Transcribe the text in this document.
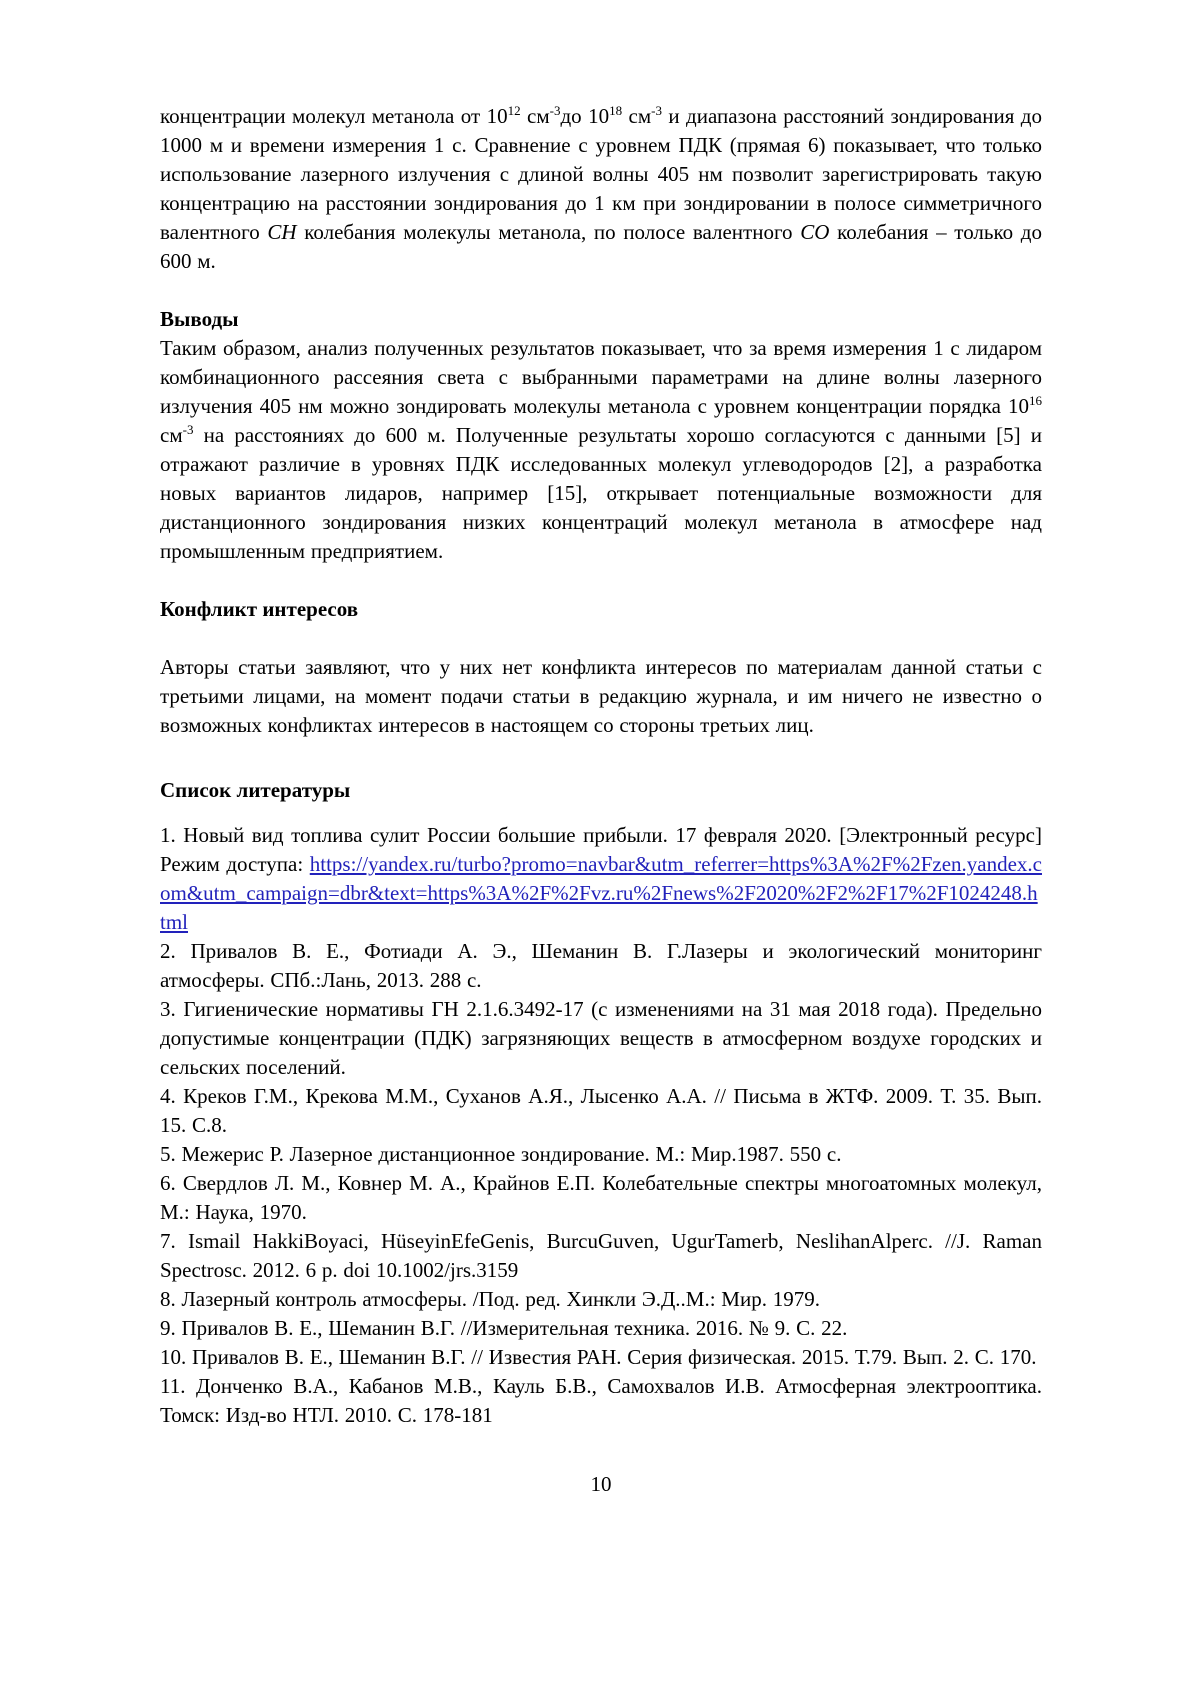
концентрации молекул метанола от $10^{12}$ $см^{-3}до$ $10^{18}$ $см^{-3}$ и диапазона расстояний зондирования до 1000 м и времени измерения 1 с. Сравнение с уровнем ПДК (прямая 6) показывает, что только использование лазерного излучения с длиной волны 405 нм позволит зарегистрировать такую концентрацию на расстоянии зондирования до 1 км при зондировании в полосе симметричного валентного CH колебания молекулы метанола, по полосе валентного CO колебания – только до 600 м.

Выводы

Таким образом, анализ полученных результатов показывает, что за время измерения 1 с лидаром комбинационного рассеяния света с выбранными параметрами на длине волны лазерного излучения 405 нм можно зондировать молекулы метанола с уровнем концентрации порядка $10^{16}$ $см^{-3}$ на расстояниях до 600 м. Полученные результаты хорошо согласуются с данными [5] и отражают различие в уровнях ПДК исследованных молекул углеводородов [2], а разработка новых вариантов лидаров, например [15], открывает потенциальные возможности для дистанционного зондирования низких концентраций молекул метанола в атмосфере над промышленным предприятием.

Конфликт интересов

Авторы статьи заявляют, что у них нет конфликта интересов по материалам данной статьи с третьими лицами, на момент подачи статьи в редакцию журнала, и им ничего не известно о возможных конфликтах интересов в настоящем со стороны третьих лиц.

Список литературы

1. Новый вид топлива сулит России большие прибыли. 17 февраля 2020. [Электронный ресурс] Режим доступа: https://yandex.ru/turbo?promo=navbar&utm_referrer=https%3A%2F%2Fzen.yandex.com&utm_campaign=dbr&text=https%3A%2F%2Fvz.ru%2Fnews%2F2020%2F2%2F17%2F1024248.html

2. Привалов В. Е., Фотиади А. Э., Шеманин В. Г.Лазеры и экологический мониторинг атмосферы. СПб.:Лань, 2013. 288 с.

3. Гигиенические нормативы ГН 2.1.6.3492-17 (с изменениями на 31 мая 2018 года). Предельно допустимые концентрации (ПДК) загрязняющих веществ в атмосферном воздухе городских и сельских поселений.

4. Креков Г.М., Крекова М.М., Суханов А.Я., Лысенко А.А. // Письма в ЖТФ. 2009. Т. 35. Вып. 15. С.8.

5. Межерис Р. Лазерное дистанционное зондирование. М.: Мир.1987. 550 с.

6. Свердлов Л. М., Ковнер М. А., Крайнов Е.П. Колебательные спектры многоатомных молекул, М.: Наука, 1970.

7. Ismail HakkiBoyaci, HüseyinEfeGenis, BurcuGuven, UgurTamerb, NeslihanAlperc. //J. Raman Spectrosc. 2012. 6 p. doi 10.1002/jrs.3159

8. Лазерный контроль атмосферы. /Под. ред. Хинкли Э.Д..М.: Мир. 1979.

9. Привалов В. Е., Шеманин В.Г. //Измерительная техника. 2016. № 9. С. 22.

10. Привалов В. Е., Шеманин В.Г. // Известия РАН. Серия физическая. 2015. Т.79. Вып. 2. С. 170.

11. Донченко В.А., Кабанов М.В., Кауль Б.В., Самохвалов И.В. Атмосферная электрооптика. Томск: Изд-во НТЛ. 2010. С. 178-181

10
